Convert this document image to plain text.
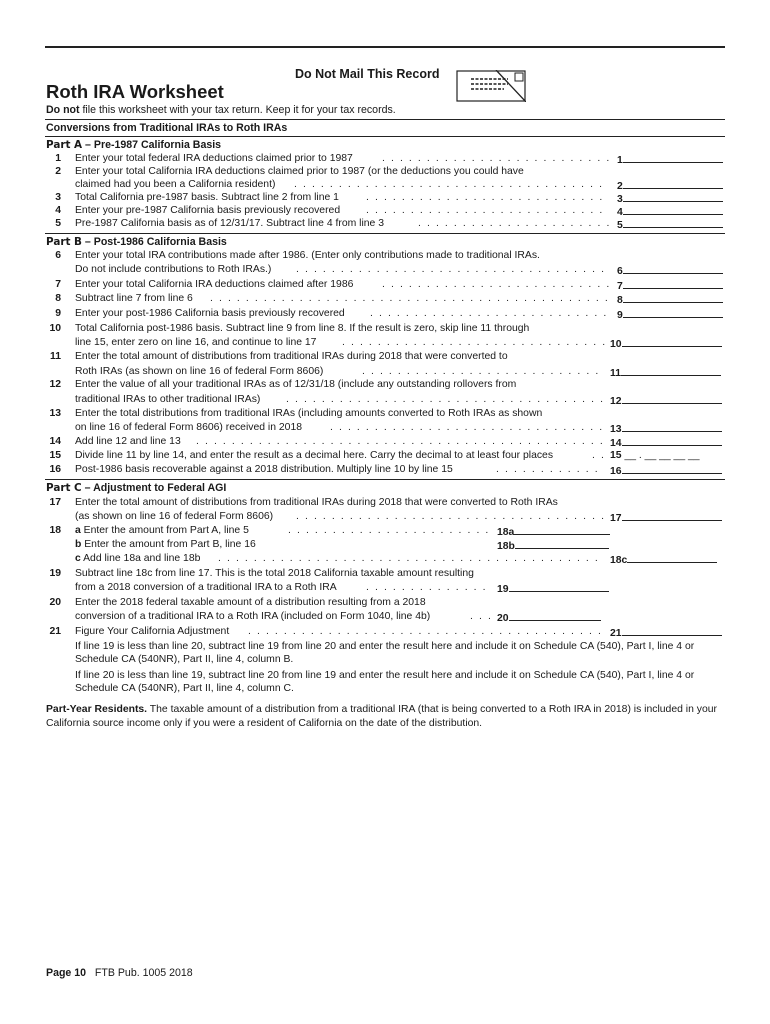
Do Not Mail This Record
Roth IRA Worksheet
Do not file this worksheet with your tax return. Keep it for your tax records.
Conversions from Traditional IRAs to Roth IRAs
Part A – Pre-1987 California Basis
1 Enter your total federal IRA deductions claimed prior to 1987	. . . . . . . . . . . . . . . . . . . . . . . . . . 1
2 Enter your total California IRA deductions claimed prior to 1987 (or the deductions you could have
claimed had you been a California resident) . . . . . . . . . . . . . . . . . . . . . . . . . . . . . . . . . . .	2
3 Total California pre-1987 basis. Subtract line 2 from line 1	. . . . . . . . . . . . . . . . . . . . . . . . . . .	3
4 Enter your pre-1987 California basis previously recovered . . . . . . . . . . . . . . . . . . . . . . . . . . .	4
5 Pre-1987 California basis as of 12/31/17. Subtract line 4 from line 3	. . . . . . . . . . . . . . . . . . . . . . 5
Part B – Post-1986 California Basis
6 Enter your total IRA contributions made after 1986. (Enter only contributions made to traditional IRAs.
Do not include contributions to Roth IRAs.) . . . . . . . . . . . . . . . . . . . . . . . . . . . . . . . . . . .	6
7 Enter your total California IRA deductions claimed after 1986	. . . . . . . . . . . . . . . . . . . . . . . . . . 7
8 Subtract line 7 from line 6 . . . . . . . . . . . . . . . . . . . . . . . . . . . . . . . . . . . . . . . . . . . . . 8
9 Enter your post-1986 California basis previously recovered . . . . . . . . . . . . . . . . . . . . . . . . . . . 9
10 Total California post-1986 basis. Subtract line 9 from line 8. If the result is zero, skip line 11 through
line 15, enter zero on line 16, and continue to line 17 . . . . . . . . . . . . . . . . . . . . . . . . . . . . . . 10
11 Enter the total amount of distributions from traditional IRAs during 2018 that were converted to
Roth IRAs (as shown on line 16 of federal Form 8606)	. . . . . . . . . . . . . . . . . . . . . . . . . . . 11
12 Enter the value of all your traditional IRAs as of 12/31/18 (include any outstanding rollovers from
traditional IRAs to other traditional IRAs) . . . . . . . . . . . . . . . . . . . . . . . . . . . . . . . . . . . . 12
13 Enter the total distributions from traditional IRAs (including amounts converted to Roth IRAs as shown
on line 16 of federal Form 8606) received in 2018	. . . . . . . . . . . . . . . . . . . . . . . . . . . . . . . 13
14 Add line 12 and line 13 . . . . . . . . . . . . . . . . . . . . . . . . . . . . . . . . . . . . . . . . . . . . . . 14
15 Divide line 11 by line 14, and enter the result as a decimal here. Carry the decimal to at least four places	. . 15 __ . __ __ __ __
16 Post-1986 basis recoverable against a 2018 distribution. Multiply line 10 by line 15	. . . . . . . . . . . .	16
Part C – Adjustment to Federal AGI
17 Enter the total amount of distributions from traditional IRAs during 2018 that were converted to Roth IRAs
(as shown on line 16 of federal Form 8606) . . . . . . . . . . . . . . . . . . . . . . . . . . . . . . . . . . . 17
18 a Enter the amount from Part A, line 5	. . . . . . . . . . . . . . . . . . . . . . . 18a
b Enter the amount from Part B, line 16	18b
c Add line 18a and line 18b . . . . . . . . . . . . . . . . . . . . . . . . . . . . . . . . . . . . . . . . . . .	18c
19 Subtract line 18c from line 17. This is the total 2018 California taxable amount resulting
from a 2018 conversion of a traditional IRA to a Roth IRA	. . . . . . . . . . . . . . 19
20 Enter the 2018 federal taxable amount of a distribution resulting from a 2018
conversion of a traditional IRA to a Roth IRA (included on Form 1040, line 4b)	. . . 20
21 Figure Your California Adjustment . . . . . . . . . . . . . . . . . . . . . . . . . . . . . . . . . . . . . . . . 21
If line 19 is less than line 20, subtract line 19 from line 20 and enter the result here and include it on Schedule CA (540), Part I, line 4 or Schedule CA (540NR), Part II, line 4, column B.
If line 20 is less than line 19, subtract line 20 from line 19 and enter the result here and include it on Schedule CA (540), Part I, line 4 or Schedule CA (540NR), Part II, line 4, column C.
Part-Year Residents. The taxable amount of a distribution from a traditional IRA (that is being converted to a Roth IRA in 2018) is included in your California source income only if you were a resident of California on the date of the distribution.
Page 10 FTB Pub. 1005 2018
